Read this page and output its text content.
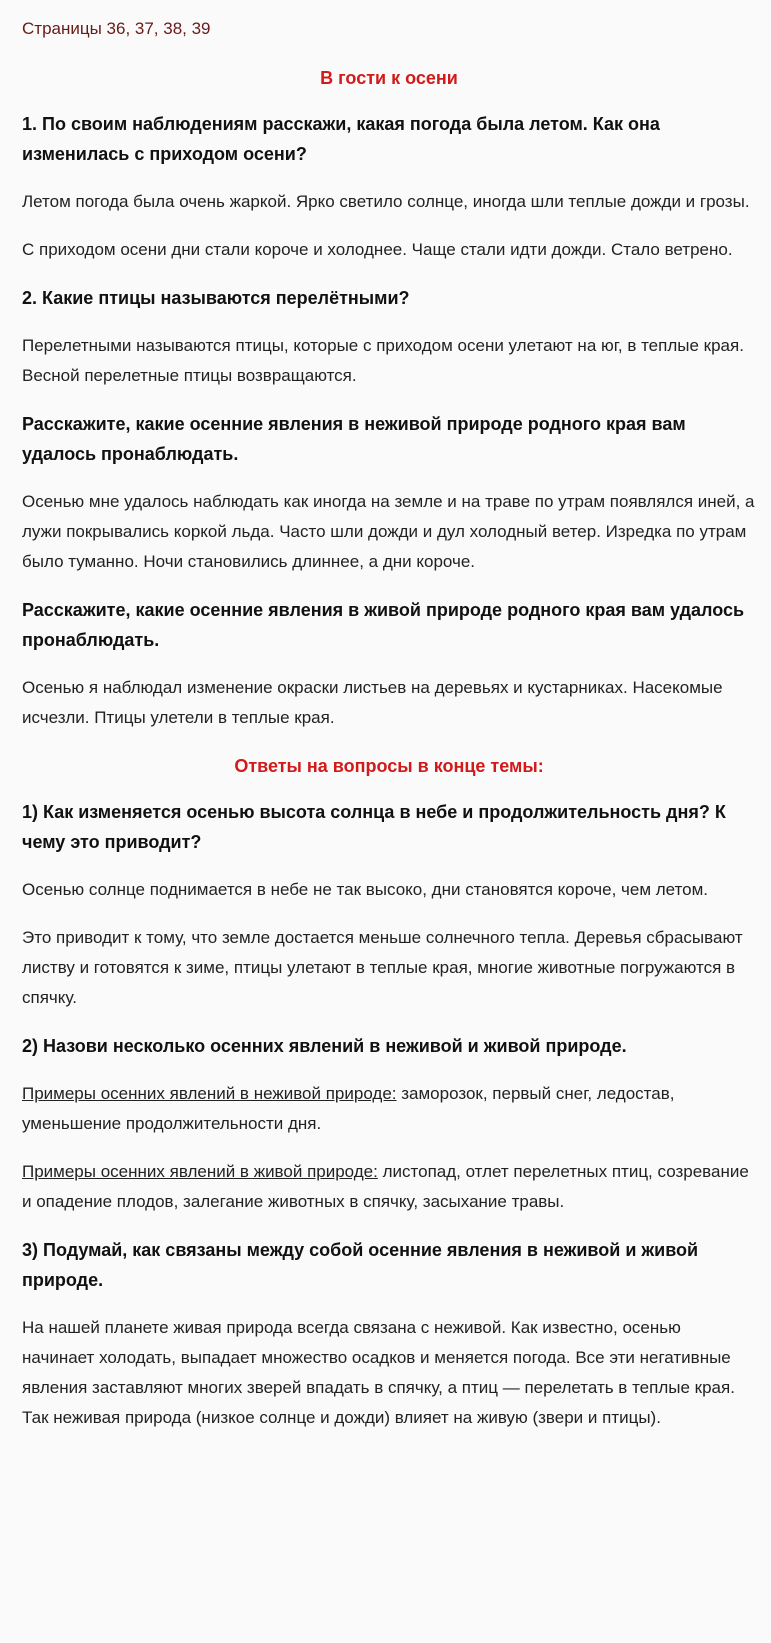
Страницы 36, 37, 38, 39
В гости к осени
1. По своим наблюдениям расскажи, какая погода была летом. Как она изменилась с приходом осени?
Летом погода была очень жаркой. Ярко светило солнце, иногда шли теплые дожди и грозы.
С приходом осени дни стали короче и холоднее. Чаще стали идти дожди. Стало ветрено.
2. Какие птицы называются перелётными?
Перелетными называются птицы, которые с приходом осени улетают на юг, в теплые края. Весной перелетные птицы возвращаются.
Расскажите, какие осенние явления в неживой природе родного края вам удалось пронаблюдать.
Осенью мне удалось наблюдать как иногда на земле и на траве по утрам появлялся иней, а лужи покрывались коркой льда. Часто шли дожди и дул холодный ветер. Изредка по утрам было туманно. Ночи становились длиннее, а дни короче.
Расскажите, какие осенние явления в живой природе родного края вам удалось пронаблюдать.
Осенью я наблюдал изменение окраски листьев на деревьях и кустарниках. Насекомые исчезли. Птицы улетели в теплые края.
Ответы на вопросы в конце темы:
1) Как изменяется осенью высота солнца в небе и продолжительность дня? К чему это приводит?
Осенью солнце поднимается в небе не так высоко, дни становятся короче, чем летом.
Это приводит к тому, что земле достается меньше солнечного тепла. Деревья сбрасывают листву и готовятся к зиме, птицы улетают в теплые края, многие животные погружаются в спячку.
2) Назови несколько осенних явлений в неживой и живой природе.
Примеры осенних явлений в неживой природе: заморозок, первый снег, ледостав, уменьшение продолжительности дня.
Примеры осенних явлений в живой природе: листопад, отлет перелетных птиц, созревание и опадение плодов, залегание животных в спячку, засыхание травы.
3) Подумай, как связаны между собой осенние явления в неживой и живой природе.
На нашей планете живая природа всегда связана с неживой. Как известно, осенью начинает холодать, выпадает множество осадков и меняется погода. Все эти негативные явления заставляют многих зверей впадать в спячку, а птиц — перелетать в теплые края. Так неживая природа (низкое солнце и дожди) влияет на живую (звери и птицы).
